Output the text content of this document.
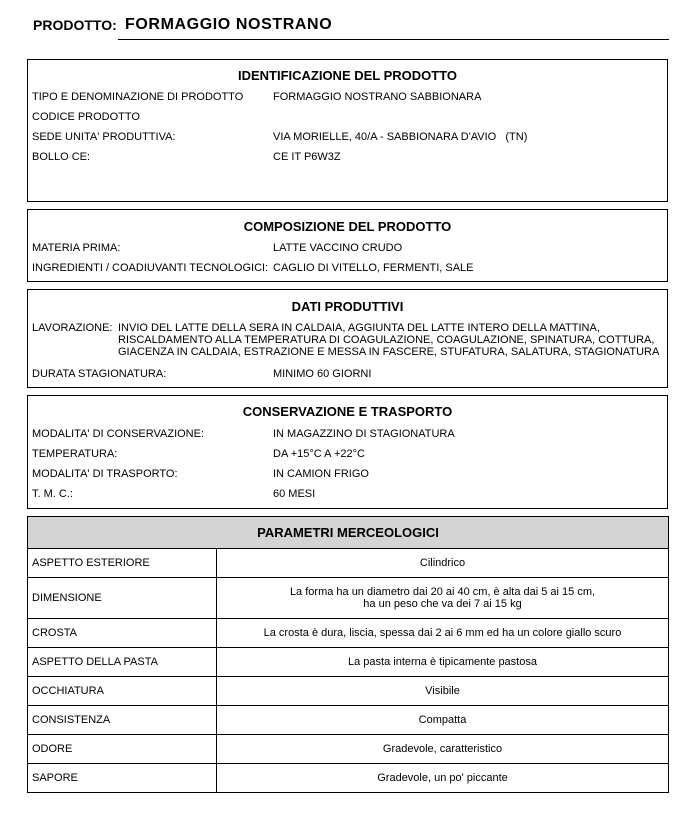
PRODOTTO: FORMAGGIO NOSTRANO
IDENTIFICAZIONE DEL PRODOTTO
TIPO E DENOMINAZIONE DI PRODOTTO	FORMAGGIO NOSTRANO SABBIONARA
CODICE PRODOTTO
SEDE UNITA' PRODUTTIVA:	VIA MORIELLE, 40/A - SABBIONARA D'AVIO   (TN)
BOLLO CE:	CE IT P6W3Z
COMPOSIZIONE DEL PRODOTTO
MATERIA PRIMA:	LATTE VACCINO CRUDO
INGREDIENTI / COADIUVANTI TECNOLOGICI: CAGLIO DI VITELLO, FERMENTI, SALE
DATI PRODUTTIVI
LAVORAZIONE: INVIO DEL LATTE DELLA SERA IN CALDAIA, AGGIUNTA DEL LATTE INTERO DELLA MATTINA, RISCALDAMENTO ALLA TEMPERATURA DI COAGULAZIONE, COAGULAZIONE, SPINATURA, COTTURA, GIACENZA IN CALDAIA, ESTRAZIONE E MESSA IN FASCERE, STUFATURA, SALATURA, STAGIONATURA
DURATA STAGIONATURA:	MINIMO 60 GIORNI
CONSERVAZIONE E TRASPORTO
MODALITA' DI CONSERVAZIONE:	IN MAGAZZINO DI STAGIONATURA
TEMPERATURA:	DA +15°C A +22°C
MODALITA' DI TRASPORTO:	IN CAMION FRIGO
T. M. C.:	60 MESI
PARAMETRI MERCEOLOGICI	
ASPETTO ESTERIORE	Cilindrico
DIMENSIONE	La forma ha un diametro dai 20 ai 40 cm, è alta dai 5 ai 15 cm,
ha un peso che va dei 7 ai 15 kg

CROSTA	La crosta è dura, liscia, spessa dai 2 ai 6 mm ed ha un colore giallo scuro
ASPETTO DELLA PASTA	La pasta interna è tipicamente pastosa
OCCHIATURA	Visibile
CONSISTENZA	Compatta
ODORE	Gradevole, caratteristico
SAPORE	Gradevole, un po' piccante
